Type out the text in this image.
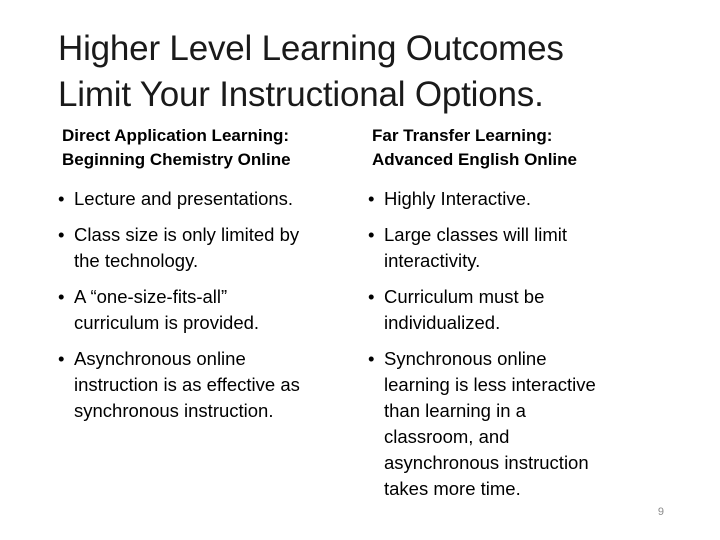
Higher Level Learning Outcomes
Limit Your Instructional Options.
Direct Application Learning:
Beginning Chemistry Online
• Lecture and presentations.
• Class size is only limited by
the technology.
• A “one-size-fits-all”
curriculum is provided.
• Asynchronous online
instruction is as effective as
synchronous instruction.
Far Transfer Learning:
Advanced English Online
• Highly Interactive.
• Large classes will limit
interactivity.
• Curriculum must be
individualized.
• Synchronous online
learning is less interactive
than learning in a
classroom, and
asynchronous instruction
takes more time.
9
